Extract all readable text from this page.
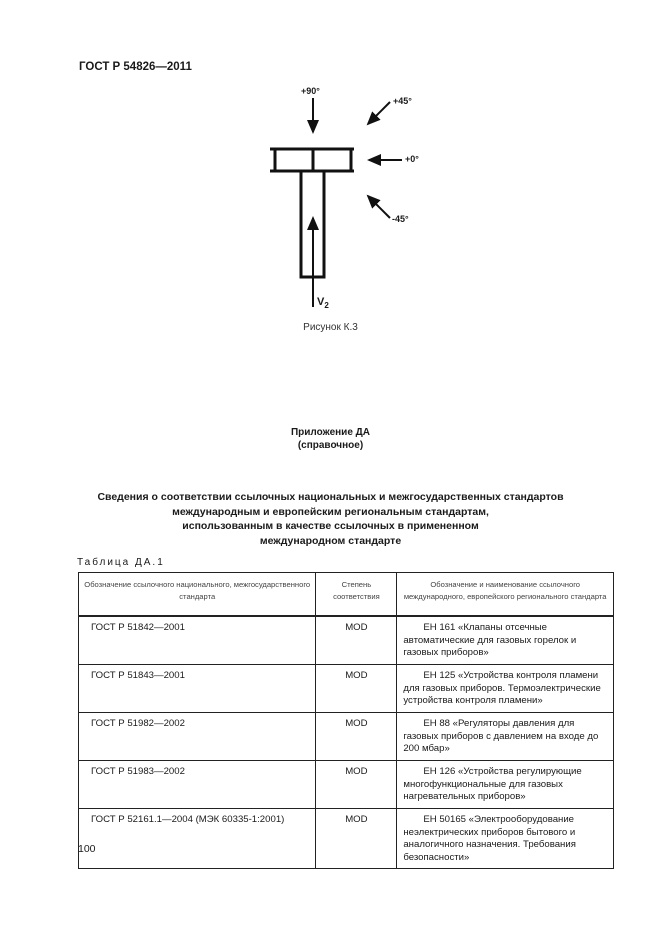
ГОСТ Р 54826—2011
+90°
+45°
+0°
-45°
$V_2$
Рисунок К.3
Приложение ДА
(справочное)
Сведения о соответствии ссылочных национальных и межгосударственных стандартов
международным и европейским региональным стандартам,
использованным в качестве ссылочных в примененном
международном стандарте
Таблица ДА.1
Обозначение ссылочного национального, межгосударственного стандарта	Степень соответствия	Обозначение и наименование ссылочного международного, европейского регионального стандарта
ГОСТ Р 51842—2001	MOD	ЕН 161 «Клапаны отсечные автоматические для газовых горелок и газовых приборов»
ГОСТ Р 51843—2001	MOD	ЕН 125 «Устройства контроля пламени для газовых приборов. Термоэлектрические устройства контроля пламени»
ГОСТ Р 51982—2002	MOD	ЕН 88 «Регуляторы давления для газовых приборов с давлением на входе до 200 мбар»
ГОСТ Р 51983—2002	MOD	ЕН 126 «Устройства регулирующие многофункциональные для газовых нагревательных приборов»
ГОСТ Р 52161.1—2004 (МЭК 60335-1:2001)	MOD	ЕН 50165 «Электрооборудование неэлектрических приборов бытового и аналогичного назначения. Требования безопасности»
100
